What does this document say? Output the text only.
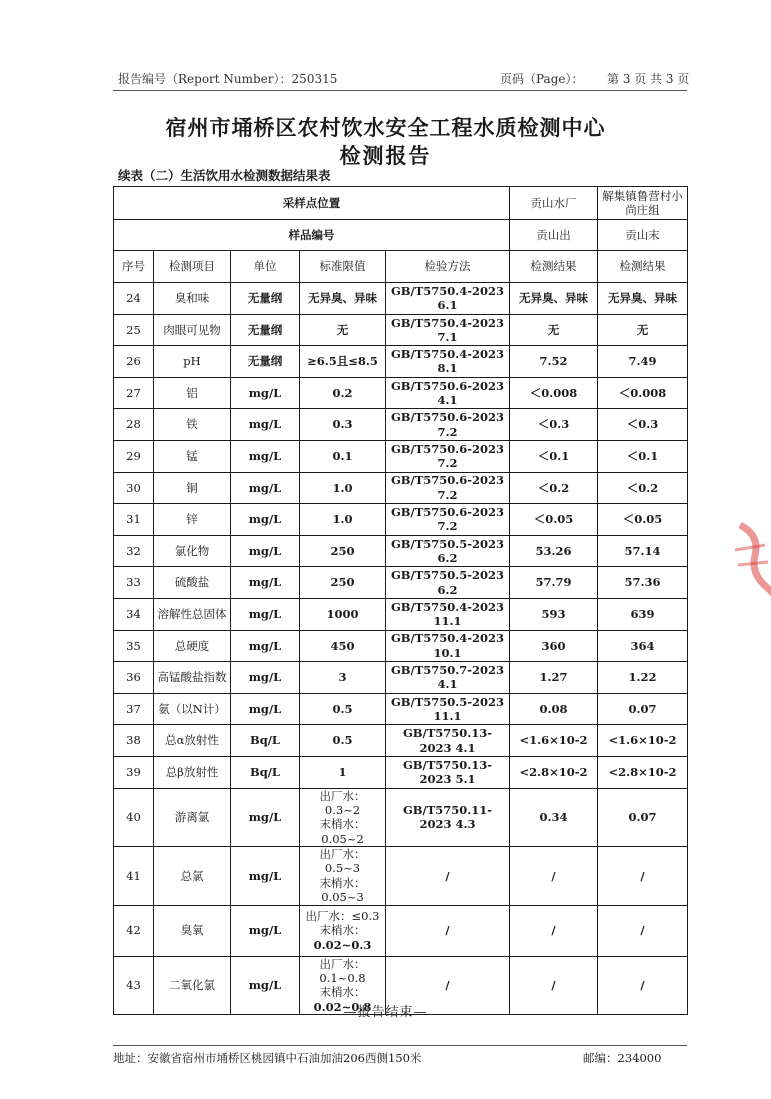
报告编号（Report Number）：250315	页码（Page）： 第 3 页 共 3 页
宿州市埇桥区农村饮水安全工程水质检测中心
检测报告
续表（二）生活饮用水检测数据结果表
采样点位置					贡山水厂	解集镇鲁营村小尚庄组
样品编号					贡山出	贡山末
序号	检测项目	单位	标准限值	检验方法	检测结果	检测结果
24	臭和味	无量纲	无异臭、异味	GB/T5750.4-2023 6.1	无异臭、异味	无异臭、异味
25	肉眼可见物	无量纲	无	GB/T5750.4-2023 7.1	无	无
26	pH	无量纲	≥6.5且≤8.5	GB/T5750.4-2023 8.1	7.52	7.49
27	铝	mg/L	0.2	GB/T5750.6-2023 4.1	＜0.008	＜0.008
28	铁	mg/L	0.3	GB/T5750.6-2023 7.2	＜0.3	＜0.3
29	锰	mg/L	0.1	GB/T5750.6-2023 7.2	＜0.1	＜0.1
30	铜	mg/L	1.0	GB/T5750.6-2023 7.2	＜0.2	＜0.2
31	锌	mg/L	1.0	GB/T5750.6-2023 7.2	＜0.05	＜0.05
32	氯化物	mg/L	250	GB/T5750.5-2023 6.2	53.26	57.14
33	硫酸盐	mg/L	250	GB/T5750.5-2023 6.2	57.79	57.36
34	溶解性总固体	mg/L	1000	GB/T5750.4-2023 11.1	593	639
35	总硬度	mg/L	450	GB/T5750.4-2023 10.1	360	364
36	高锰酸盐指数	mg/L	3	GB/T5750.7-2023 4.1	1.27	1.22
37	氨（以N计）	mg/L	0.5	GB/T5750.5-2023 11.1	0.08	0.07
38	总α放射性	Bq/L	0.5	GB/T5750.13-2023 4.1	<1.6×10-2	<1.6×10-2
39	总β放射性	Bq/L	1	GB/T5750.13-2023 5.1	<2.8×10-2	<2.8×10-2
40	游离氯	mg/L	出厂水：0.3~2
末梢水：0.05~2	GB/T5750.11-2023 4.3	0.34	0.07
41	总氯	mg/L	出厂水：0.5~3
末梢水：0.05~3	/	/	/
42	臭氧	mg/L	出厂水：≤0.3
末梢水：
0.02~0.3	/	/	/
43	二氧化氯	mg/L	出厂水：0.1~0.8
末梢水：
0.02~0.8	/	/	/
—报告结束—
地址：安徽省宿州市埇桥区桃园镇中石油加油206西侧150米	邮编：234000
